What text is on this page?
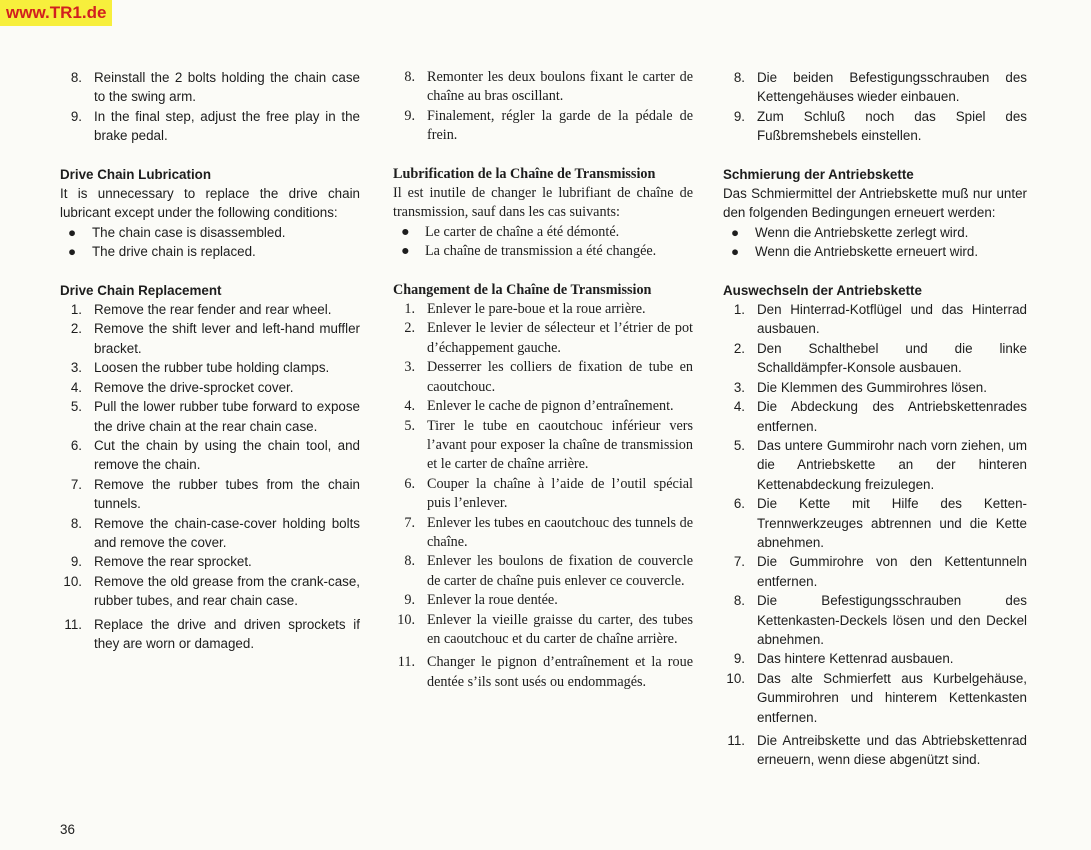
www.TR1.de
8. Reinstall the 2 bolts holding the chain case to the swing arm.
9. In the final step, adjust the free play in the brake pedal.

Drive Chain Lubrication

It is unnecessary to replace the drive chain lubricant except under the following conditions:

● The chain case is disassembled.
● The drive chain is replaced.

Drive Chain Replacement

1. Remove the rear fender and rear wheel.
2. Remove the shift lever and left-hand muffler bracket.
3. Loosen the rubber tube holding clamps.
4. Remove the drive-sprocket cover.
5. Pull the lower rubber tube forward to expose the drive chain at the rear chain case.
6. Cut the chain by using the chain tool, and remove the chain.
7. Remove the rubber tubes from the chain tunnels.
8. Remove the chain-case-cover holding bolts and remove the cover.
9. Remove the rear sprocket.
10. Remove the old grease from the crank-case, rubber tubes, and rear chain case.
11. Replace the drive and driven sprockets if they are worn or damaged.
8. Remonter les deux boulons fixant le carter de chaîne au bras oscillant.
9. Finalement, régler la garde de la pédale de frein.

Lubrification de la Chaîne de Transmission

Il est inutile de changer le lubrifiant de chaîne de transmission, sauf dans les cas suivants:

● Le carter de chaîne a été démonté.
● La chaîne de transmission a été changée.

Changement de la Chaîne de Transmission

1. Enlever le pare-boue et la roue arrière.
2. Enlever le levier de sélecteur et l’étrier de pot d’échappement gauche.
3. Desserrer les colliers de fixation de tube en caoutchouc.
4. Enlever le cache de pignon d’entraînement.
5. Tirer le tube en caoutchouc inférieur vers l’avant pour exposer la chaîne de transmission et le carter de chaîne arrière.
6. Couper la chaîne à l’aide de l’outil spécial puis l’enlever.
7. Enlever les tubes en caoutchouc des tunnels de chaîne.
8. Enlever les boulons de fixation de couvercle de carter de chaîne puis enlever ce couvercle.
9. Enlever la roue dentée.
10. Enlever la vieille graisse du carter, des tubes en caoutchouc et du carter de chaîne arrière.
11. Changer le pignon d’entraînement et la roue dentée s’ils sont usés ou endommagés.
8. Die beiden Befestigungsschrauben des Kettengehäuses wieder einbauen.
9. Zum Schluß noch das Spiel des Fußbremshebels einstellen.

Schmierung der Antriebskette

Das Schmiermittel der Antriebskette muß nur unter den folgenden Bedingungen erneuert werden:

● Wenn die Antriebskette zerlegt wird.
● Wenn die Antriebskette erneuert wird.

Auswechseln der Antriebskette

1. Den Hinterrad-Kotflügel und das Hinterrad ausbauen.
2. Den Schalthebel und die linke Schalldämpfer-Konsole ausbauen.
3. Die Klemmen des Gummirohres lösen.
4. Die Abdeckung des Antriebskettenrades entfernen.
5. Das untere Gummirohr nach vorn ziehen, um die Antriebskette an der hinteren Kettenabdeckung freizulegen.
6. Die Kette mit Hilfe des Ketten-Trennwerkzeuges abtrennen und die Kette abnehmen.
7. Die Gummirohre von den Kettentunneln entfernen.
8. Die Befestigungsschrauben des Kettenkasten-Deckels lösen und den Deckel abnehmen.
9. Das hintere Kettenrad ausbauen.
10. Das alte Schmierfett aus Kurbelgehäuse, Gummirohren und hinterem Kettenkasten entfernen.
11. Die Antreibskette und das Abtriebskettenrad erneuern, wenn diese abgenützt sind.
36
